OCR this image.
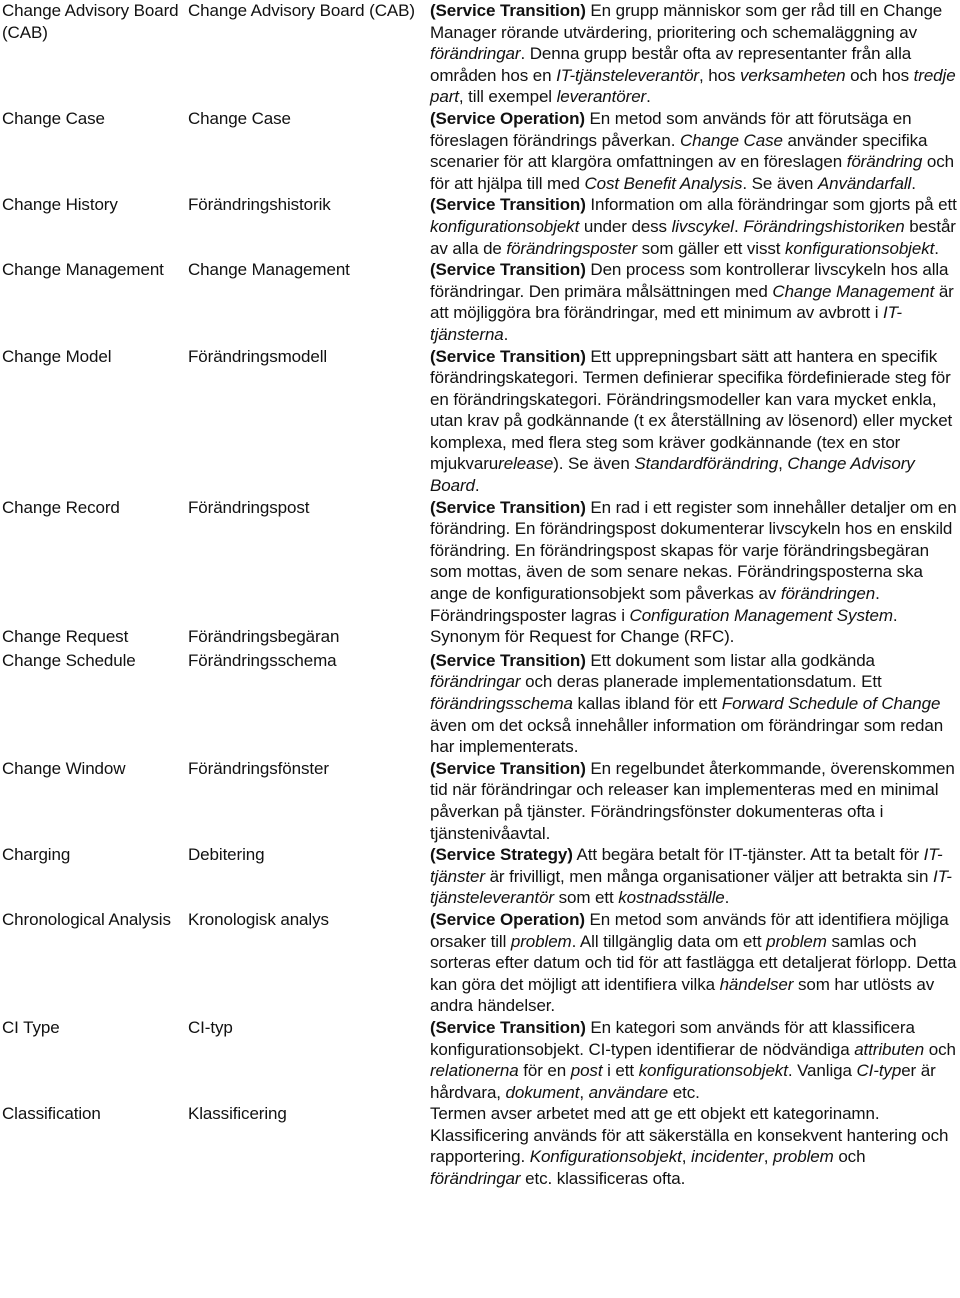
Change Advisory Board (CAB)	Change Advisory Board (CAB)	(Service Transition) En grupp människor som ger råd till en Change Manager rörande utvärdering, prioritering och schemaläggning av förändringar. Denna grupp består ofta av representanter från alla områden hos en IT-tjänsteleverantör, hos verksamheten och hos tredje part, till exempel leverantörer.
Change Case	Change Case	(Service Operation) En metod som används för att förutsäga en föreslagen förändrings påverkan. Change Case använder specifika scenarier för att klargöra omfattningen av en föreslagen förändring och för att hjälpa till med Cost Benefit Analysis. Se även Användarfall.
Change History	Förändringshistorik	(Service Transition) Information om alla förändringar som gjorts på ett konfigurationsobjekt under dess livscykel. Förändringshistoriken består av alla de förändringsposter som gäller ett visst konfigurationsobjekt.
Change Management	Change Management	(Service Transition) Den process som kontrollerar livscykeln hos alla förändringar. Den primära målsättningen med Change Management är att möjliggöra bra förändringar, med ett minimum av avbrott i IT-tjänsterna.
Change Model	Förändringsmodell	(Service Transition) Ett upprepningsbart sätt att hantera en specifik förändringskategori. Termen definierar specifika fördefinierade steg för en förändringskategori. Förändringsmodeller kan vara mycket enkla, utan krav på godkännande (t ex återställning av lösenord) eller mycket komplexa, med flera steg som kräver godkännande (tex en stor mjukvarurelease). Se även Standardförändring, Change Advisory Board.
Change Record	Förändringspost	(Service Transition) En rad i ett register som innehåller detaljer om en förändring. En förändringspost dokumenterar livscykeln hos en enskild förändring. En förändringspost skapas för varje förändringsbegäran som mottas, även de som senare nekas. Förändringsposterna ska ange de konfigurationsobjekt som påverkas av förändringen. Förändringsposter lagras i Configuration Management System.
Change Request	Förändringsbegäran	Synonym för Request for Change (RFC).
Change Schedule	Förändringsschema	(Service Transition) Ett dokument som listar alla godkända förändringar och deras planerade implementationsdatum. Ett förändringsschema kallas ibland för ett Forward Schedule of Change även om det också innehåller information om förändringar som redan har implementerats.
Change Window	Förändringsfönster	(Service Transition) En regelbundet återkommande, överenskommen tid när förändringar och releaser kan implementeras med en minimal påverkan på tjänster. Förändringsfönster dokumenteras ofta i tjänstenivåavtal.
Charging	Debitering	(Service Strategy) Att begära betalt för IT-tjänster. Att ta betalt för IT-tjänster är frivilligt, men många organisationer väljer att betrakta sin IT-tjänsteleverantör som ett kostnadsställe.
Chronological Analysis	Kronologisk analys	(Service Operation) En metod som används för att identifiera möjliga orsaker till problem. All tillgänglig data om ett problem samlas och sorteras efter datum och tid för att fastlägga ett detaljerat förlopp. Detta kan göra det möjligt att identifiera vilka händelser som har utlösts av andra händelser.
CI Type	CI-typ	(Service Transition) En kategori som används för att klassificera konfigurationsobjekt. CI-typen identifierar de nödvändiga attributen och relationerna för en post i ett konfigurationsobjekt. Vanliga CI-typer är hårdvara, dokument, användare etc.
Classification	Klassificering	Termen avser arbetet med att ge ett objekt ett kategorinamn. Klassificering används för att säkerställa en konsekvent hantering och rapportering. Konfigurationsobjekt, incidenter, problem och förändringar etc. klassificeras ofta.
